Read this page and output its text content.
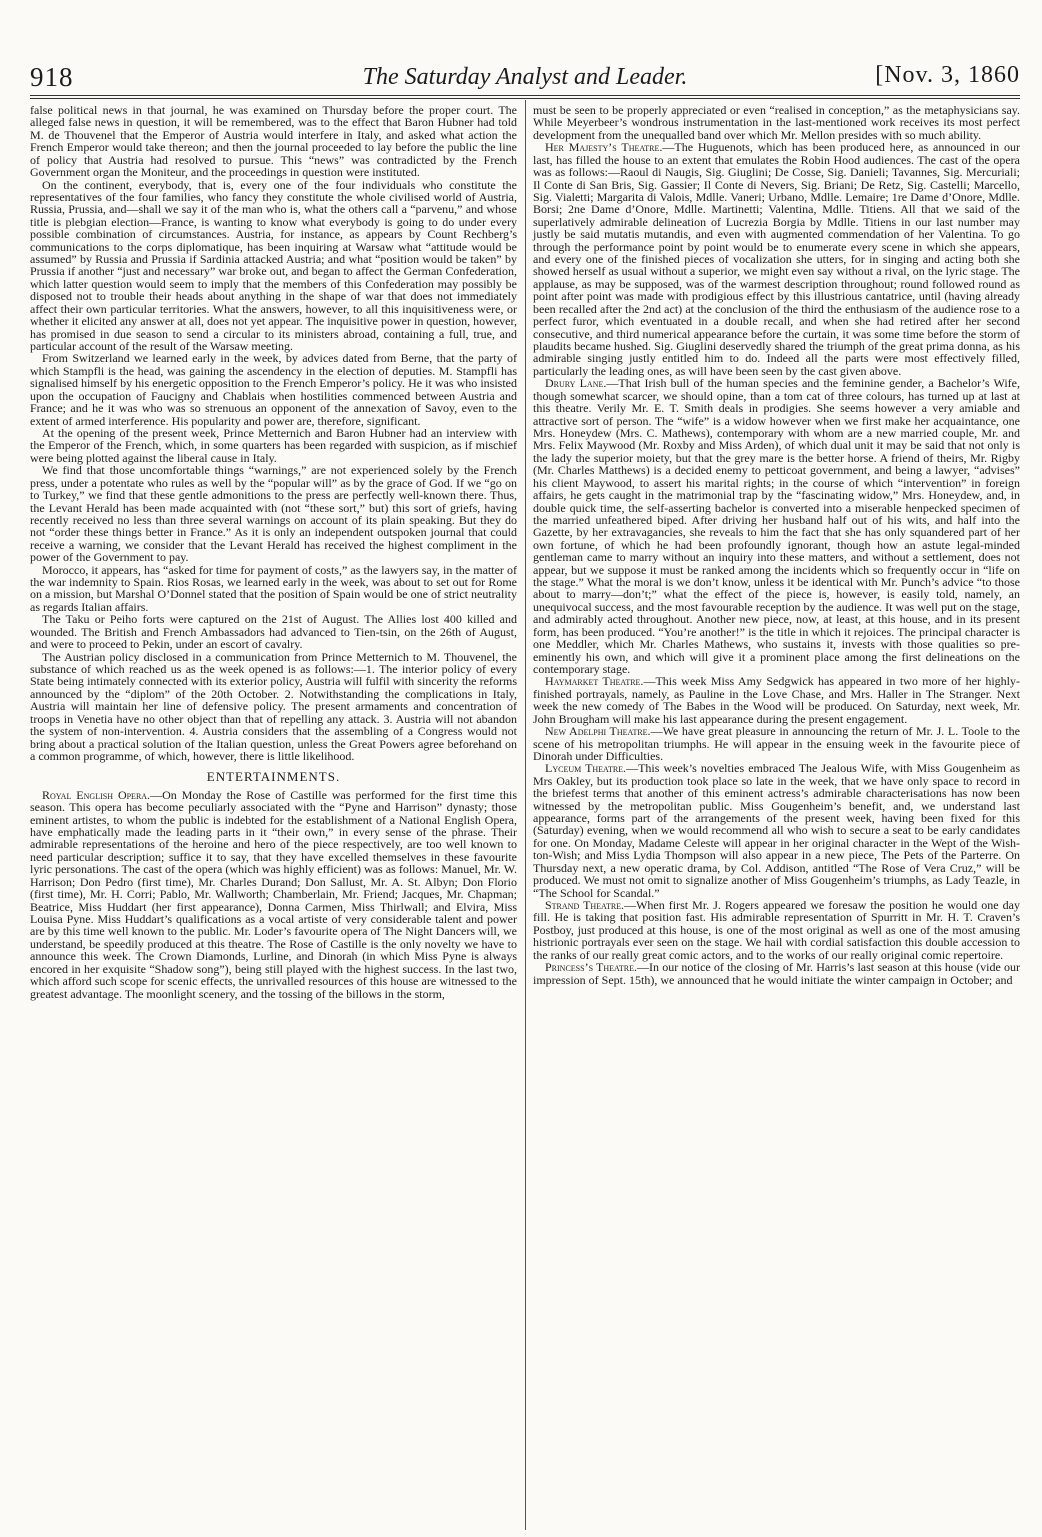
918	The Saturday Analyst and Leader.	[Nov. 3, 1860

false political news in that journal, he was examined on Thursday before the proper court. The alleged false news in question, it will be remembered, was to the effect that Baron Hubner had told M. de Thouvenel that the Emperor of Austria would interfere in Italy, and asked what action the French Emperor would take thereon; and then the journal proceeded to lay before the public the line of policy that Austria had resolved to pursue. This “news” was contradicted by the French Government organ the Moniteur, and the proceedings in question were instituted.

On the continent, everybody, that is, every one of the four individuals who constitute the representatives of the four families, who fancy they constitute the whole civilised world of Austria, Russia, Prussia, and—shall we say it of the man who is, what the others call a “parvenu,” and whose title is plebgian election—France, is wanting to know what everybody is going to do under every possible combination of circumstances. Austria, for instance, as appears by Count Rechberg’s communications to the corps diplomatique, has been inquiring at Warsaw what “attitude would be assumed” by Russia and Prussia if Sardinia attacked Austria; and what “position would be taken” by Prussia if another “just and necessary” war broke out, and began to affect the German Confederation, which latter question would seem to imply that the members of this Confederation may possibly be disposed not to trouble their heads about anything in the shape of war that does not immediately affect their own particular territories. What the answers, however, to all this inquisitiveness were, or whether it elicited any answer at all, does not yet appear. The inquisitive power in question, however, has promised in due season to send a circular to its ministers abroad, containing a full, true, and particular account of the result of the Warsaw meeting.

From Switzerland we learned early in the week, by advices dated from Berne, that the party of which Stampfli is the head, was gaining the ascendency in the election of deputies. M. Stampfli has signalised himself by his energetic opposition to the French Emperor’s policy. He it was who insisted upon the occupation of Faucigny and Chablais when hostilities commenced between Austria and France; and he it was who was so strenuous an opponent of the annexation of Savoy, even to the extent of armed interference. His popularity and power are, therefore, significant.

At the opening of the present week, Prince Metternich and Baron Hubner had an interview with the Emperor of the French, which, in some quarters has been regarded with suspicion, as if mischief were being plotted against the liberal cause in Italy.

We find that those uncomfortable things “warnings,” are not experienced solely by the French press, under a potentate who rules as well by the “popular will” as by the grace of God. If we “go on to Turkey,” we find that these gentle admonitions to the press are perfectly well-known there. Thus, the Levant Herald has been made acquainted with (not “these sort,” but) this sort of griefs, having recently received no less than three several warnings on account of its plain speaking. But they do not “order these things better in France.” As it is only an independent outspoken journal that could receive a warning, we consider that the Levant Herald has received the highest compliment in the power of the Government to pay.

Morocco, it appears, has “asked for time for payment of costs,” as the lawyers say, in the matter of the war indemnity to Spain. Rios Rosas, we learned early in the week, was about to set out for Rome on a mission, but Marshal O’Donnel stated that the position of Spain would be one of strict neutrality as regards Italian affairs.

The Taku or Peiho forts were captured on the 21st of August. The Allies lost 400 killed and wounded. The British and French Ambassadors had advanced to Tien-tsin, on the 26th of August, and were to proceed to Pekin, under an escort of cavalry.

The Austrian policy disclosed in a communication from Prince Metternich to M. Thouvenel, the substance of which reached us as the week opened is as follows:—1. The interior policy of every State being intimately connected with its exterior policy, Austria will fulfil with sincerity the reforms announced by the “diplom” of the 20th October. 2. Notwithstanding the complications in Italy, Austria will maintain her line of defensive policy. The present armaments and concentration of troops in Venetia have no other object than that of repelling any attack. 3. Austria will not abandon the system of non-intervention. 4. Austria considers that the assembling of a Congress would not bring about a practical solution of the Italian question, unless the Great Powers agree beforehand on a common programme, of which, however, there is little likelihood.

ENTERTAINMENTS.

Royal English Opera.—On Monday the Rose of Castille was performed for the first time this season. This opera has become peculiarly associated with the “Pyne and Harrison” dynasty; those eminent artistes, to whom the public is indebted for the establishment of a National English Opera, have emphatically made the leading parts in it “their own,” in every sense of the phrase. Their admirable representations of the heroine and hero of the piece respectively, are too well known to need particular description; suffice it to say, that they have excelled themselves in these favourite lyric personations. The cast of the opera (which was highly efficient) was as follows: Manuel, Mr. W. Harrison; Don Pedro (first time), Mr. Charles Durand; Don Sallust, Mr. A. St. Albyn; Don Florio (first time), Mr. H. Corri; Pablo, Mr. Wallworth; Chamberlain, Mr. Friend; Jacques, Mr. Chapman; Beatrice, Miss Huddart (her first appearance), Donna Carmen, Miss Thirlwall; and Elvira, Miss Louisa Pyne. Miss Huddart’s qualifications as a vocal artiste of very considerable talent and power are by this time well known to the public. Mr. Loder’s favourite opera of The Night Dancers will, we understand, be speedily produced at this theatre. The Rose of Castille is the only novelty we have to announce this week. The Crown Diamonds, Lurline, and Dinorah (in which Miss Pyne is always encored in her exquisite “Shadow song”), being still played with the highest success. In the last two, which afford such scope for scenic effects, the unrivalled resources of this house are witnessed to the greatest advantage. The moonlight scenery, and the tossing of the billows in the storm,

must be seen to be properly appreciated or even “realised in conception,” as the metaphysicians say. While Meyerbeer’s wondrous instrumentation in the last-mentioned work receives its most perfect development from the unequalled band over which Mr. Mellon presides with so much ability.

Her Majesty’s Theatre.—The Huguenots, which has been produced here, as announced in our last, has filled the house to an extent that emulates the Robin Hood audiences. The cast of the opera was as follows:—Raoul di Naugis, Sig. Giuglini; De Cosse, Sig. Danieli; Tavannes, Sig. Mercuriali; Il Conte di San Bris, Sig. Gassier; Il Conte di Nevers, Sig. Briani; De Retz, Sig. Castelli; Marcello, Sig. Vialetti; Margarita di Valois, Mdlle. Vaneri; Urbano, Mdlle. Lemaire; 1re Dame d’Onore, Mdlle. Borsi; 2ne Dame d’Onore, Mdlle. Martinetti; Valentina, Mdlle. Titiens. All that we said of the superlatively admirable delineation of Lucrezia Borgia by Mdlle. Titiens in our last number may justly be said mutatis mutandis, and even with augmented commendation of her Valentina. To go through the performance point by point would be to enumerate every scene in which she appears, and every one of the finished pieces of vocalization she utters, for in singing and acting both she showed herself as usual without a superior, we might even say without a rival, on the lyric stage. The applause, as may be supposed, was of the warmest description throughout; round followed round as point after point was made with prodigious effect by this illustrious cantatrice, until (having already been recalled after the 2nd act) at the conclusion of the third the enthusiasm of the audience rose to a perfect furor, which eventuated in a double recall, and when she had retired after her second consecutive, and third numerical appearance before the curtain, it was some time before the storm of plaudits became hushed. Sig. Giuglini deservedly shared the triumph of the great prima donna, as his admirable singing justly entitled him to do. Indeed all the parts were most effectively filled, particularly the leading ones, as will have been seen by the cast given above.

Drury Lane.—That Irish bull of the human species and the feminine gender, a Bachelor’s Wife, though somewhat scarcer, we should opine, than a tom cat of three colours, has turned up at last at this theatre. Verily Mr. E. T. Smith deals in prodigies. She seems however a very amiable and attractive sort of person. The “wife” is a widow however when we first make her acquaintance, one Mrs. Honeydew (Mrs. C. Mathews), contemporary with whom are a new married couple, Mr. and Mrs. Felix Maywood (Mr. Roxby and Miss Arden), of which dual unit it may be said that not only is the lady the superior moiety, but that the grey mare is the better horse. A friend of theirs, Mr. Rigby (Mr. Charles Matthews) is a decided enemy to petticoat government, and being a lawyer, “advises” his client Maywood, to assert his marital rights; in the course of which “intervention” in foreign affairs, he gets caught in the matrimonial trap by the “fascinating widow,” Mrs. Honeydew, and, in double quick time, the self-asserting bachelor is converted into a miserable henpecked specimen of the married unfeathered biped. After driving her husband half out of his wits, and half into the Gazette, by her extravagancies, she reveals to him the fact that she has only squandered part of her own fortune, of which he had been profoundly ignorant, though how an astute legal-minded gentleman came to marry without an inquiry into these matters, and without a settlement, does not appear, but we suppose it must be ranked among the incidents which so frequently occur in “life on the stage.” What the moral is we don’t know, unless it be identical with Mr. Punch’s advice “to those about to marry—don’t;” what the effect of the piece is, however, is easily told, namely, an unequivocal success, and the most favourable reception by the audience. It was well put on the stage, and admirably acted throughout. Another new piece, now, at least, at this house, and in its present form, has been produced. “You’re another!” is the title in which it rejoices. The principal character is one Meddler, which Mr. Charles Mathews, who sustains it, invests with those qualities so pre-eminently his own, and which will give it a prominent place among the first delineations on the contemporary stage.

Haymarket Theatre.—This week Miss Amy Sedgwick has appeared in two more of her highly-finished portrayals, namely, as Pauline in the Love Chase, and Mrs. Haller in The Stranger. Next week the new comedy of The Babes in the Wood will be produced. On Saturday, next week, Mr. John Brougham will make his last appearance during the present engagement.

New Adelphi Theatre.—We have great pleasure in announcing the return of Mr. J. L. Toole to the scene of his metropolitan triumphs. He will appear in the ensuing week in the favourite piece of Dinorah under Difficulties.

Lyceum Theatre.—This week’s novelties embraced The Jealous Wife, with Miss Gougenheim as Mrs Oakley, but its production took place so late in the week, that we have only space to record in the briefest terms that another of this eminent actress’s admirable characterisations has now been witnessed by the metropolitan public. Miss Gougenheim’s benefit, and, we understand last appearance, forms part of the arrangements of the present week, having been fixed for this (Saturday) evening, when we would recommend all who wish to secure a seat to be early candidates for one. On Monday, Madame Celeste will appear in her original character in the Wept of the Wish-ton-Wish; and Miss Lydia Thompson will also appear in a new piece, The Pets of the Parterre. On Thursday next, a new operatic drama, by Col. Addison, antitled “The Rose of Vera Cruz,” will be produced. We must not omit to signalize another of Miss Gougenheim’s triumphs, as Lady Teazle, in “The School for Scandal.”

Strand Theatre.—When first Mr. J. Rogers appeared we foresaw the position he would one day fill. He is taking that position fast. His admirable representation of Spurritt in Mr. H. T. Craven’s Postboy, just produced at this house, is one of the most original as well as one of the most amusing histrionic portrayals ever seen on the stage. We hail with cordial satisfaction this double accession to the ranks of our really great comic actors, and to the works of our really original comic repertoire.

Princess’s Theatre.—In our notice of the closing of Mr. Harris’s last season at this house (vide our impression of Sept. 15th), we announced that he would initiate the winter campaign in October; and
